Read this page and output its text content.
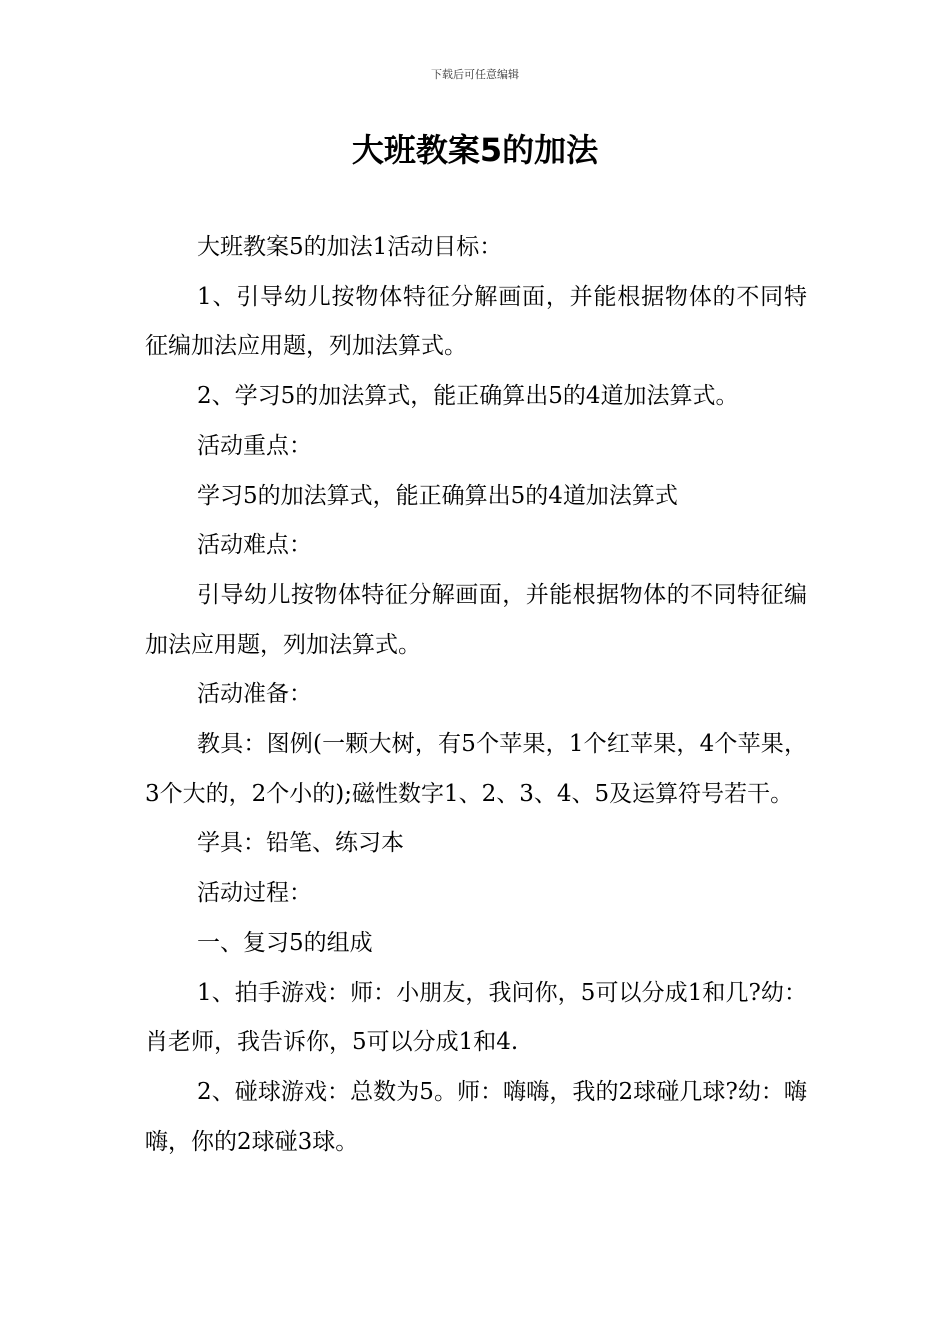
下载后可任意编辑
大班教案5的加法

大班教案5的加法1活动目标：

1、引导幼儿按物体特征分解画面，并能根据物体的不同特征编加法应用题，列加法算式。

2、学习5的加法算式，能正确算出5的4道加法算式。

活动重点：

学习5的加法算式，能正确算出5的4道加法算式

活动难点：

引导幼儿按物体特征分解画面，并能根据物体的不同特征编加法应用题，列加法算式。

活动准备：

教具：图例(一颗大树，有5个苹果，1个红苹果，4个苹果，3个大的，2个小的);磁性数字1、2、3、4、5及运算符号若干。

学具：铅笔、练习本

活动过程：

一、复习5的组成

1、拍手游戏：师：小朋友，我问你，5可以分成1和几?幼：肖老师，我告诉你，5可以分成1和4.

2、碰球游戏：总数为5。师：嗨嗨，我的2球碰几球?幼：嗨嗨，你的2球碰3球。
